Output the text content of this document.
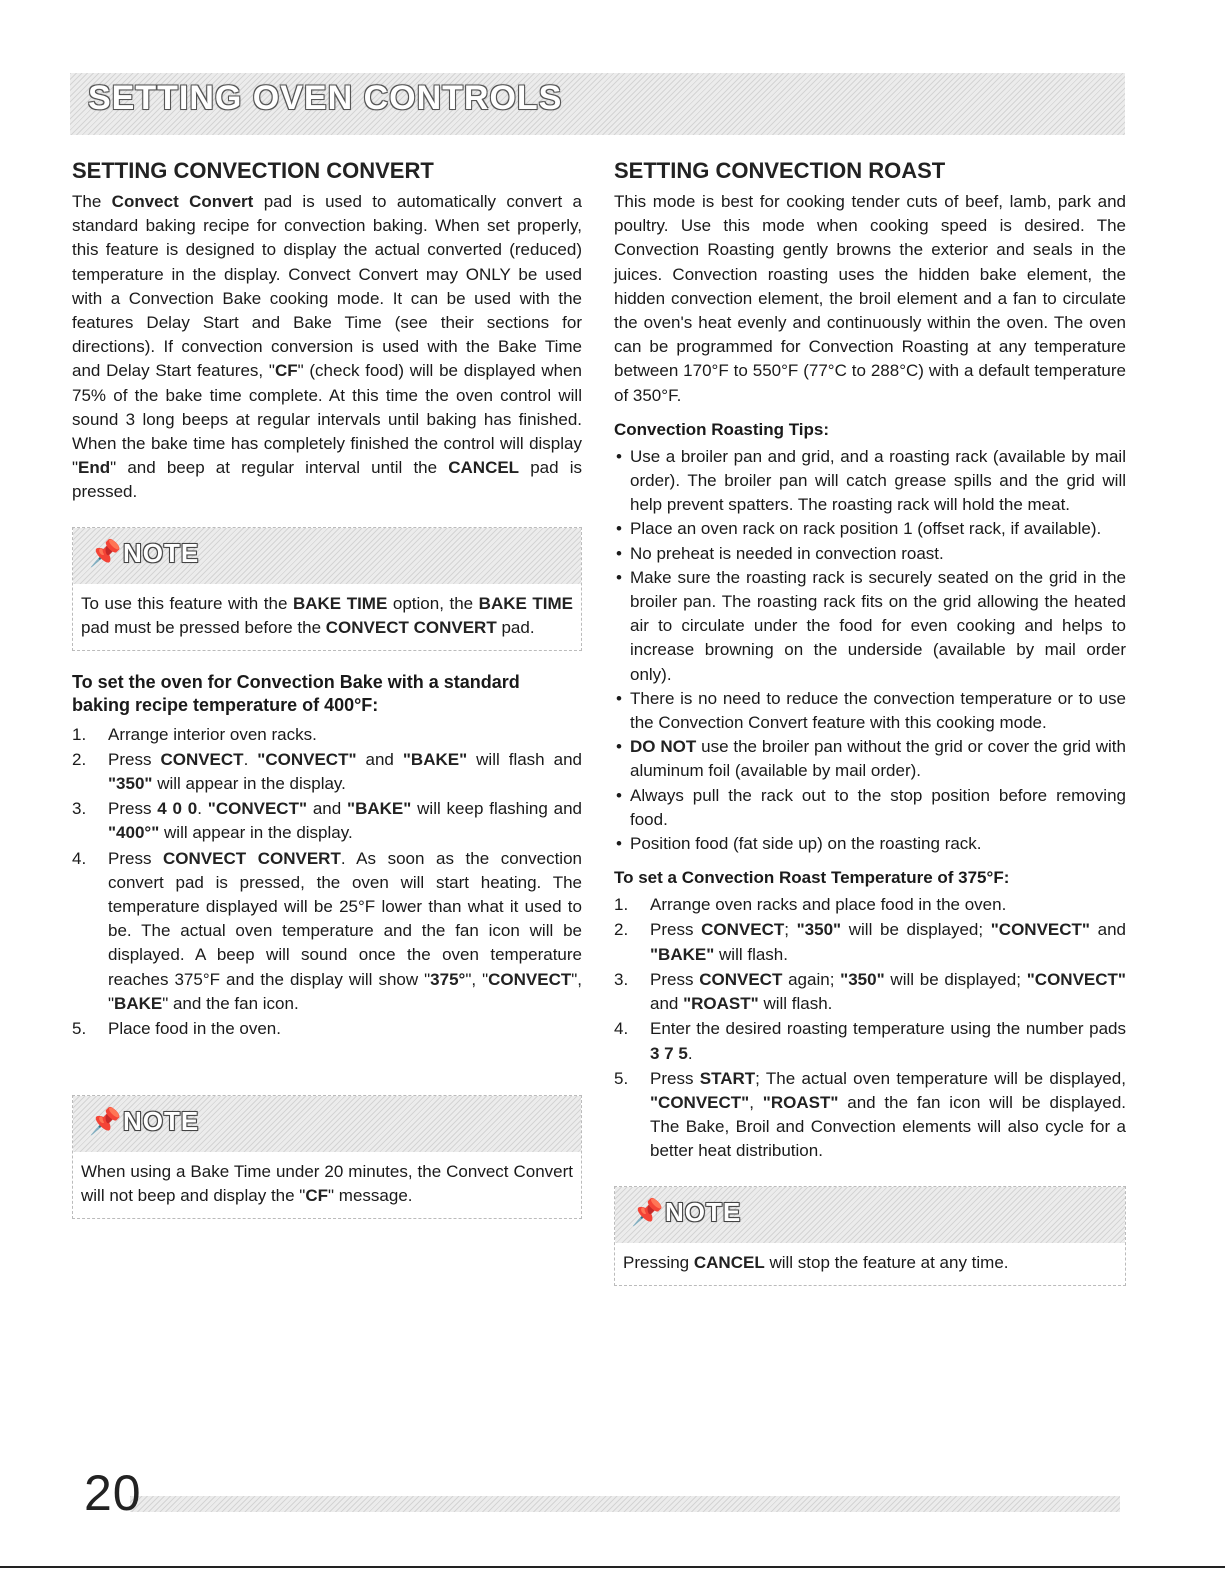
SETTING OVEN CONTROLS
SETTING CONVECTION CONVERT

The Convect Convert pad is used to automatically convert a standard baking recipe for convection baking. When set properly, this feature is designed to display the actual converted (reduced) temperature in the display. Convect Convert may ONLY be used with a Convection Bake cooking mode. It can be used with the features Delay Start and Bake Time (see their sections for directions). If convection conversion is used with the Bake Time and Delay Start features, "CF" (check food) will be displayed when 75% of the bake time complete. At this time the oven control will sound 3 long beeps at regular intervals until baking has finished. When the bake time has completely finished the control will display "End" and beep at regular interval until the CANCEL pad is pressed.

📌 NOTE
To use this feature with the BAKE TIME option, the BAKE TIME pad must be pressed before the CONVECT CONVERT pad.
To set the oven for Convection Bake with a standard baking recipe temperature of 400°F:
1. Arrange interior oven racks.
2. Press CONVECT. "CONVECT" and "BAKE" will flash and "350" will appear in the display.
3. Press 4 0 0. "CONVECT" and "BAKE" will keep flashing and "400°" will appear in the display.
4. Press CONVECT CONVERT. As soon as the convection convert pad is pressed, the oven will start heating. The temperature displayed will be 25°F lower than what it used to be. The actual oven temperature and the fan icon will be displayed. A beep will sound once the oven temperature reaches 375°F and the display will show "375°", "CONVECT", "BAKE" and the fan icon.
5. Place food in the oven.
📌 NOTE
When using a Bake Time under 20 minutes, the Convect Convert will not beep and display the "CF" message.
SETTING CONVECTION ROAST

This mode is best for cooking tender cuts of beef, lamb, park and poultry. Use this mode when cooking speed is desired. The Convection Roasting gently browns the exterior and seals in the juices. Convection roasting uses the hidden bake element, the hidden convection element, the broil element and a fan to circulate the oven's heat evenly and continuously within the oven. The oven can be programmed for Convection Roasting at any temperature between 170°F to 550°F (77°C to 288°C) with a default temperature of 350°F.

Convection Roasting Tips:
• Use a broiler pan and grid, and a roasting rack (available by mail order). The broiler pan will catch grease spills and the grid will help prevent spatters. The roasting rack will hold the meat.
• Place an oven rack on rack position 1 (offset rack, if available).
• No preheat is needed in convection roast.
• Make sure the roasting rack is securely seated on the grid in the broiler pan. The roasting rack fits on the grid allowing the heated air to circulate under the food for even cooking and helps to increase browning on the underside (available by mail order only).
• There is no need to reduce the convection temperature or to use the Convection Convert feature with this cooking mode.
• DO NOT use the broiler pan without the grid or cover the grid with aluminum foil (available by mail order).
• Always pull the rack out to the stop position before removing food.
• Position food (fat side up) on the roasting rack.
To set a Convection Roast Temperature of 375°F:
1. Arrange oven racks and place food in the oven.
2. Press CONVECT; "350" will be displayed; "CONVECT" and "BAKE" will flash.
3. Press CONVECT again; "350" will be displayed; "CONVECT" and "ROAST" will flash.
4. Enter the desired roasting temperature using the number pads 3 7 5.
5. Press START; The actual oven temperature will be displayed, "CONVECT", "ROAST" and the fan icon will be displayed. The Bake, Broil and Convection elements will also cycle for a better heat distribution.
📌 NOTE
Pressing CANCEL will stop the feature at any time.
20
